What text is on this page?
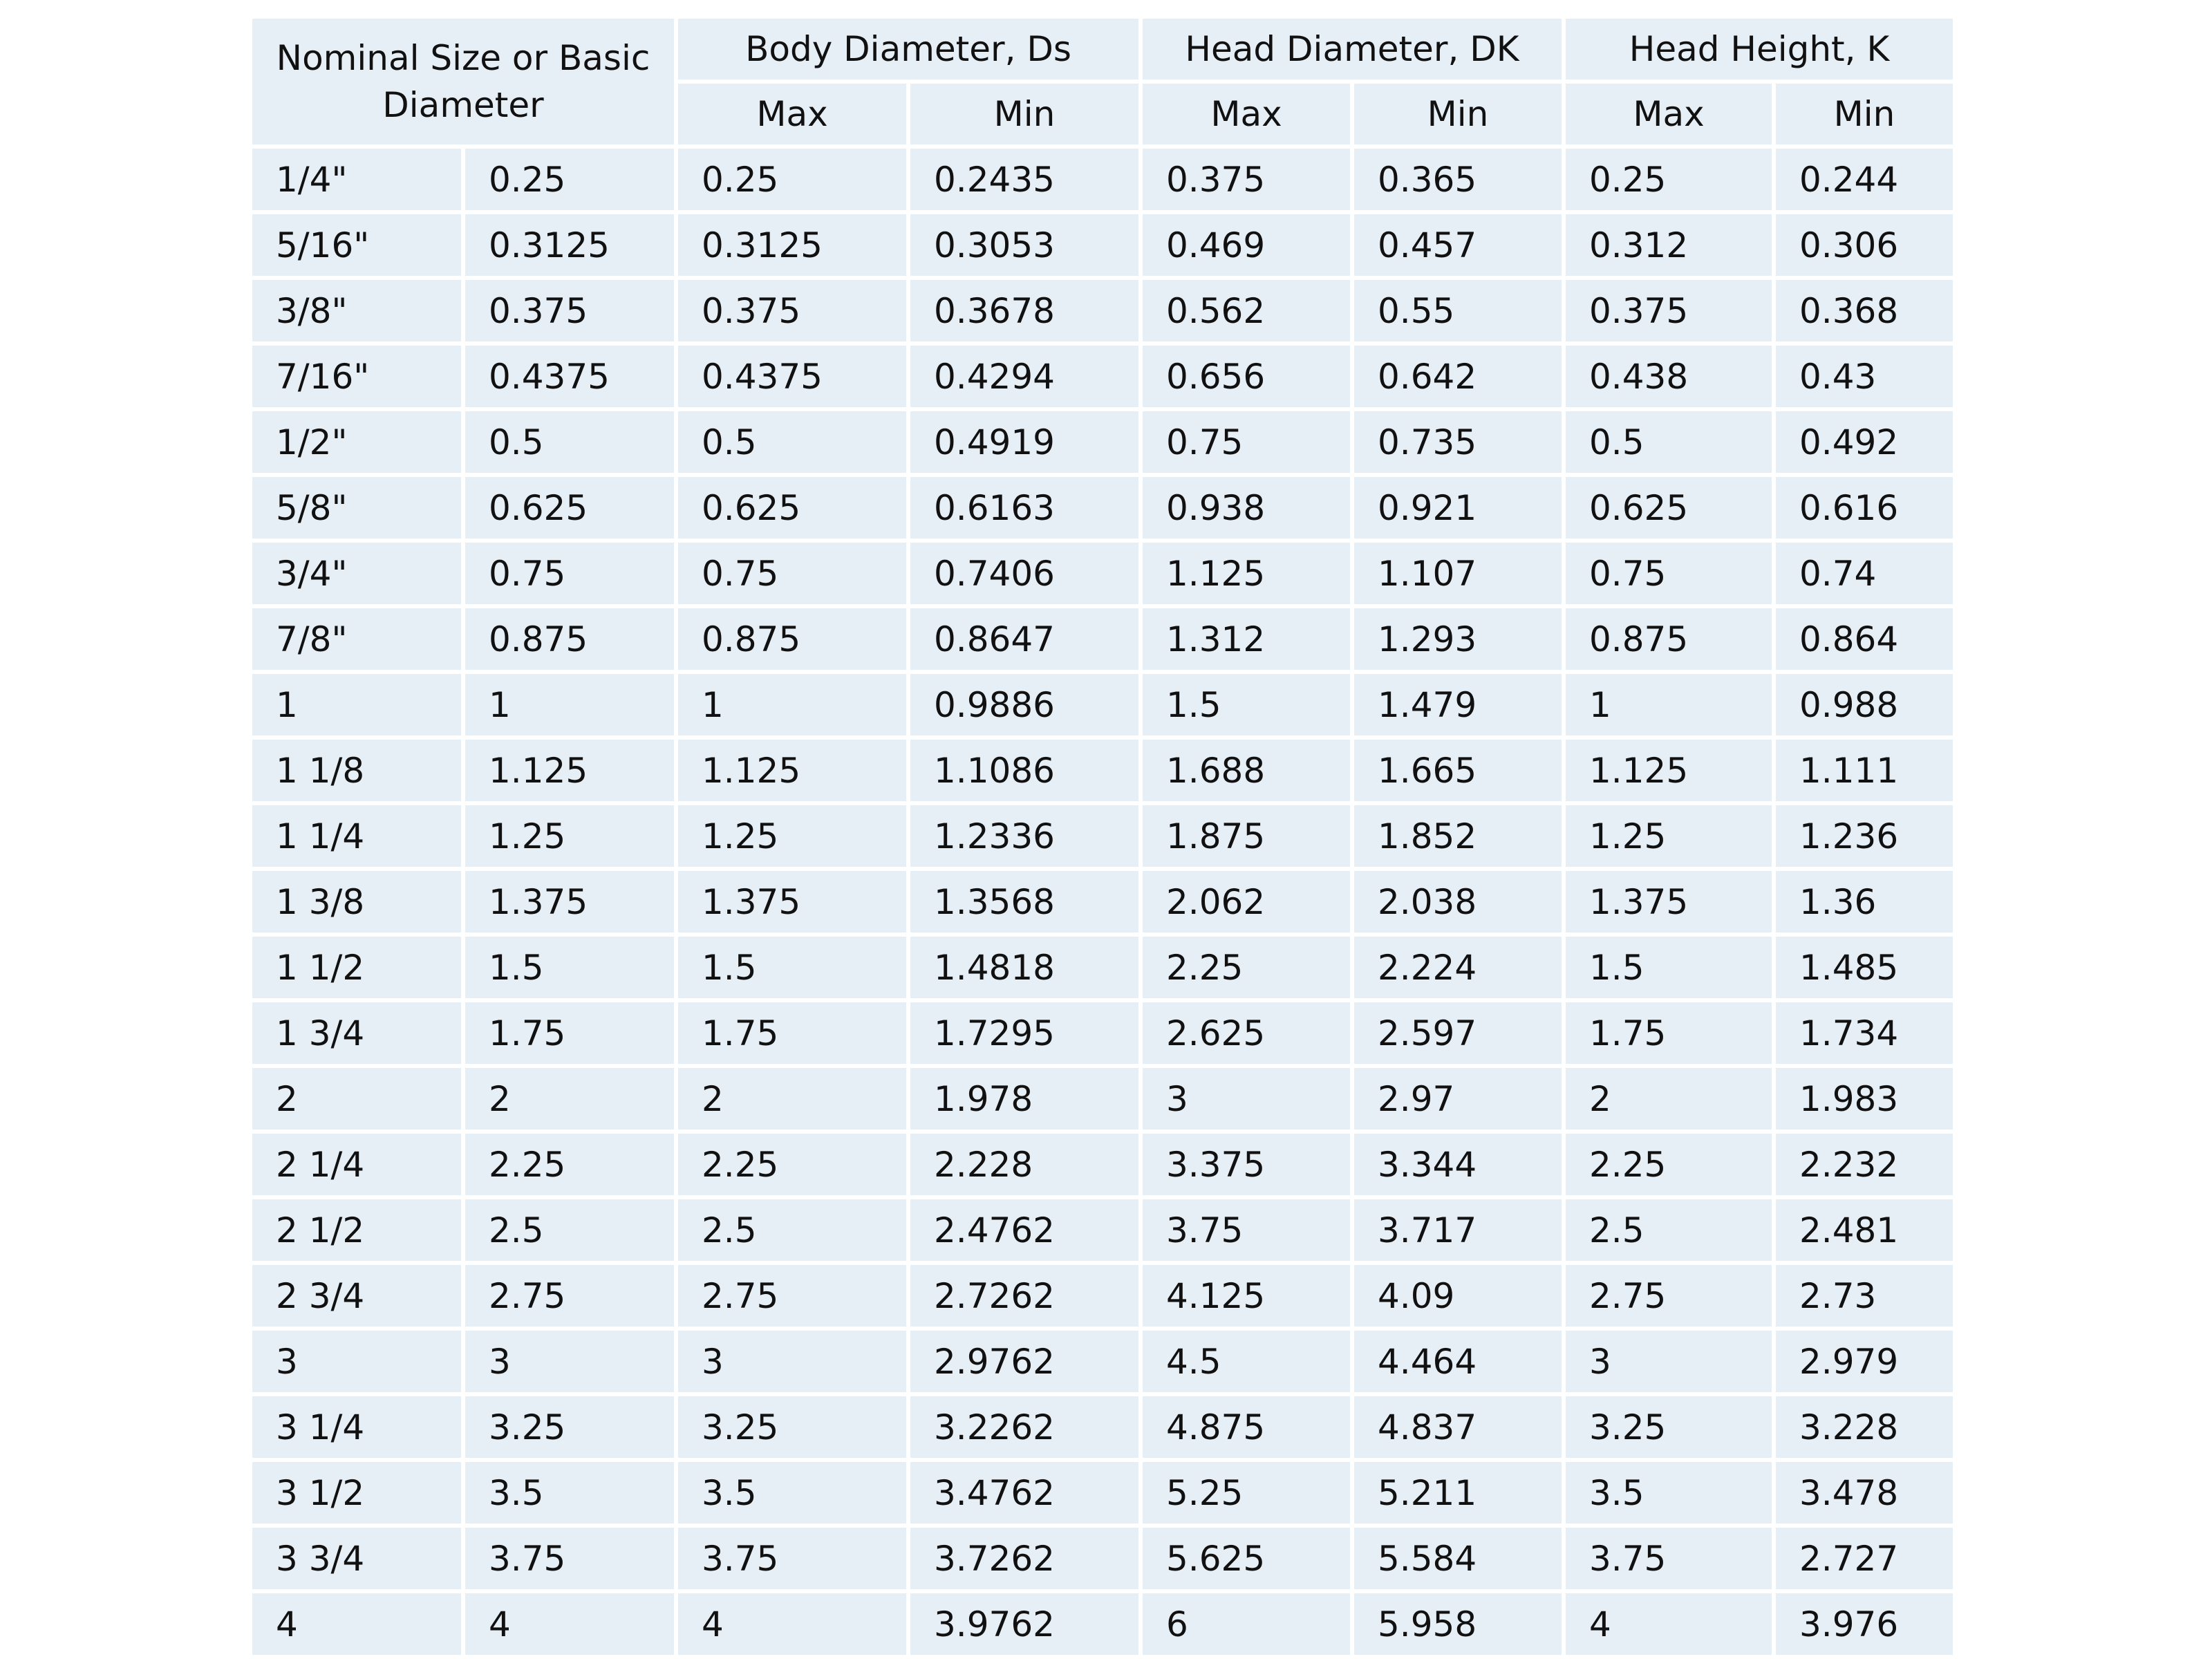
Nominal Size or Basic Diameter		Body Diameter, Ds		Head Diameter, DK		Head Height, K	
		Max	Min	Max	Min	Max	Min
1/4"	0.25	0.25	0.2435	0.375	0.365	0.25	0.244
5/16"	0.3125	0.3125	0.3053	0.469	0.457	0.312	0.306
3/8"	0.375	0.375	0.3678	0.562	0.55	0.375	0.368
7/16"	0.4375	0.4375	0.4294	0.656	0.642	0.438	0.43
1/2"	0.5	0.5	0.4919	0.75	0.735	0.5	0.492
5/8"	0.625	0.625	0.6163	0.938	0.921	0.625	0.616
3/4"	0.75	0.75	0.7406	1.125	1.107	0.75	0.74
7/8"	0.875	0.875	0.8647	1.312	1.293	0.875	0.864
1	1	1	0.9886	1.5	1.479	1	0.988
1 1/8	1.125	1.125	1.1086	1.688	1.665	1.125	1.111
1 1/4	1.25	1.25	1.2336	1.875	1.852	1.25	1.236
1 3/8	1.375	1.375	1.3568	2.062	2.038	1.375	1.36
1 1/2	1.5	1.5	1.4818	2.25	2.224	1.5	1.485
1 3/4	1.75	1.75	1.7295	2.625	2.597	1.75	1.734
2	2	2	1.978	3	2.97	2	1.983
2 1/4	2.25	2.25	2.228	3.375	3.344	2.25	2.232
2 1/2	2.5	2.5	2.4762	3.75	3.717	2.5	2.481
2 3/4	2.75	2.75	2.7262	4.125	4.09	2.75	2.73
3	3	3	2.9762	4.5	4.464	3	2.979
3 1/4	3.25	3.25	3.2262	4.875	4.837	3.25	3.228
3 1/2	3.5	3.5	3.4762	5.25	5.211	3.5	3.478
3 3/4	3.75	3.75	3.7262	5.625	5.584	3.75	2.727
4	4	4	3.9762	6	5.958	4	3.976
